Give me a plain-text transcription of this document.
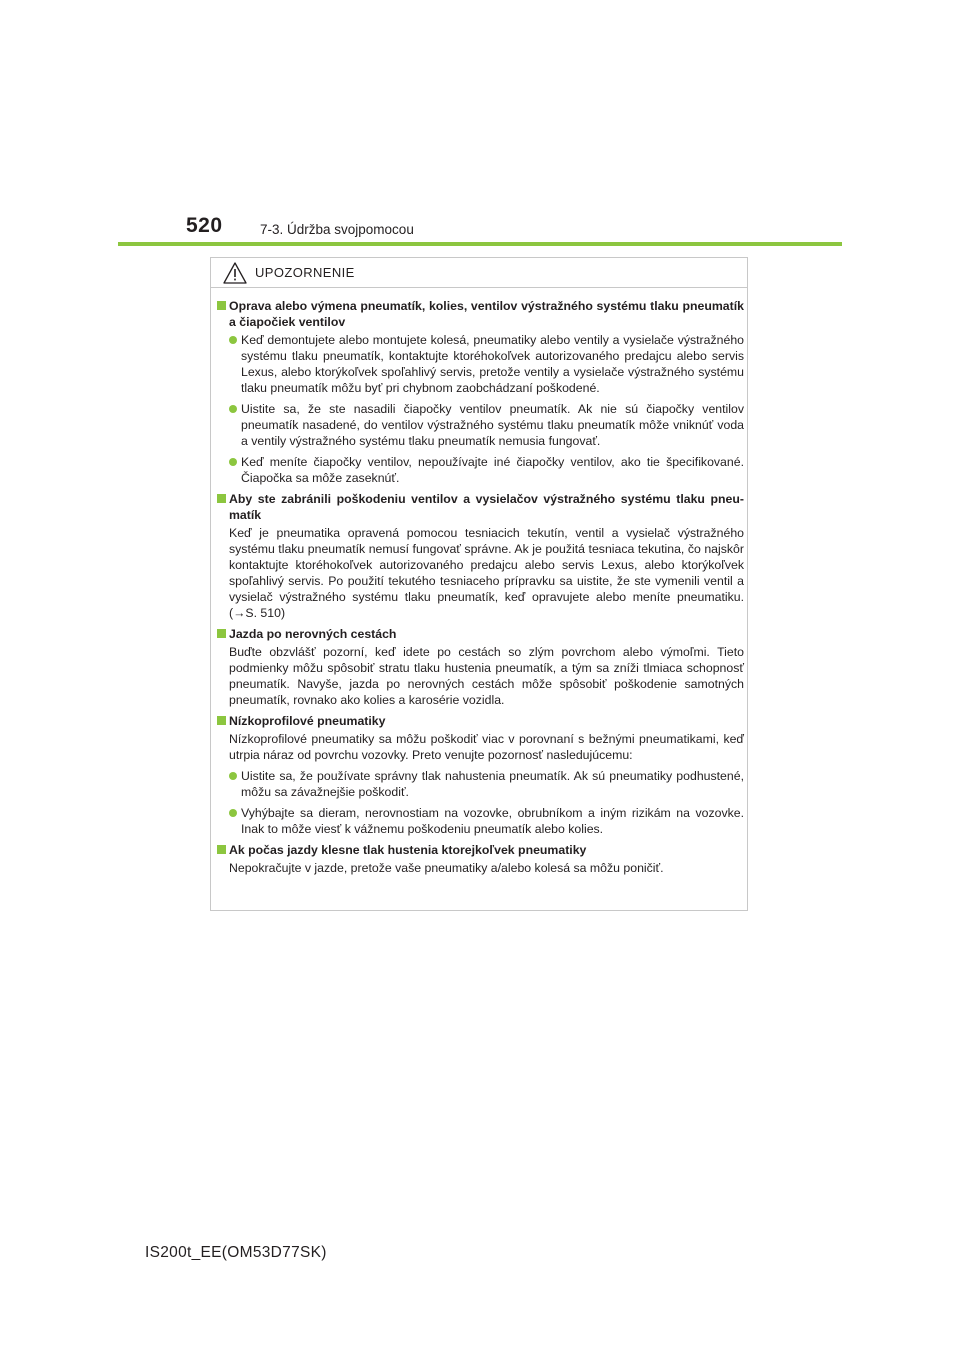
520	7-3. Údržba svojpomocou
UPOZORNENIE
Oprava alebo výmena pneumatík, kolies, ventilov výstražného systému tlaku pneumatík a čiapočiek ventilov
Keď demontujete alebo montujete kolesá, pneumatiky alebo ventily a vysielače výstražného systému tlaku pneumatík, kontaktujte ktoréhokoľvek autorizovaného predajcu alebo servis Lexus, alebo ktorýkoľvek spoľahlivý servis, pretože ventily a vysielače výstražného systému tlaku pneumatík môžu byť pri chybnom zaobchádzaní poškodené.
Uistite sa, že ste nasadili čiapočky ventilov pneumatík. Ak nie sú čiapočky ventilov pneumatík nasadené, do ventilov výstražného systému tlaku pneumatík môže vniknúť voda a ventily výstražného systému tlaku pneumatík nemusia fungovať.
Keď meníte čiapočky ventilov, nepoužívajte iné čiapočky ventilov, ako tie špecifikované. Čiapočka sa môže zaseknúť.
Aby ste zabránili poškodeniu ventilov a vysielačov výstražného systému tlaku pneumatík
Keď je pneumatika opravená pomocou tesniacich tekutín, ventil a vysielač výstražného systému tlaku pneumatík nemusí fungovať správne. Ak je použitá tesniaca tekutina, čo najskôr kontaktujte ktoréhokoľvek autorizovaného predajcu alebo servis Lexus, alebo ktorýkoľvek spoľahlivý servis. Po použití tekutého tesniaceho prípravku sa uistite, že ste vymenili ventil a vysielač výstražného systému tlaku pneumatík, keď opravujete alebo meníte pneumatiku. (→S. 510)
Jazda po nerovných cestách
Buďte obzvlášť pozorní, keď idete po cestách so zlým povrchom alebo výmoľmi. Tieto podmienky môžu spôsobiť stratu tlaku hustenia pneumatík, a tým sa zníži tlmiaca schopnosť pneumatík. Navyše, jazda po nerovných cestách môže spôsobiť poškodenie samotných pneumatík, rovnako ako kolies a karosérie vozidla.
Nízkoprofilové pneumatiky
Nízkoprofilové pneumatiky sa môžu poškodiť viac v porovnaní s bežnými pneumatikami, keď utrpia náraz od povrchu vozovky. Preto venujte pozornosť nasledujúcemu:
Uistite sa, že používate správny tlak nahustenia pneumatík. Ak sú pneumatiky podhustené, môžu sa závažnejšie poškodiť.
Vyhýbajte sa dieram, nerovnostiam na vozovke, obrubníkom a iným rizikám na vozovke. Inak to môže viesť k vážnemu poškodeniu pneumatík alebo kolies.
Ak počas jazdy klesne tlak hustenia ktorejkoľvek pneumatiky
Nepokračujte v jazde, pretože vaše pneumatiky a/alebo kolesá sa môžu poničiť.
IS200t_EE(OM53D77SK)
